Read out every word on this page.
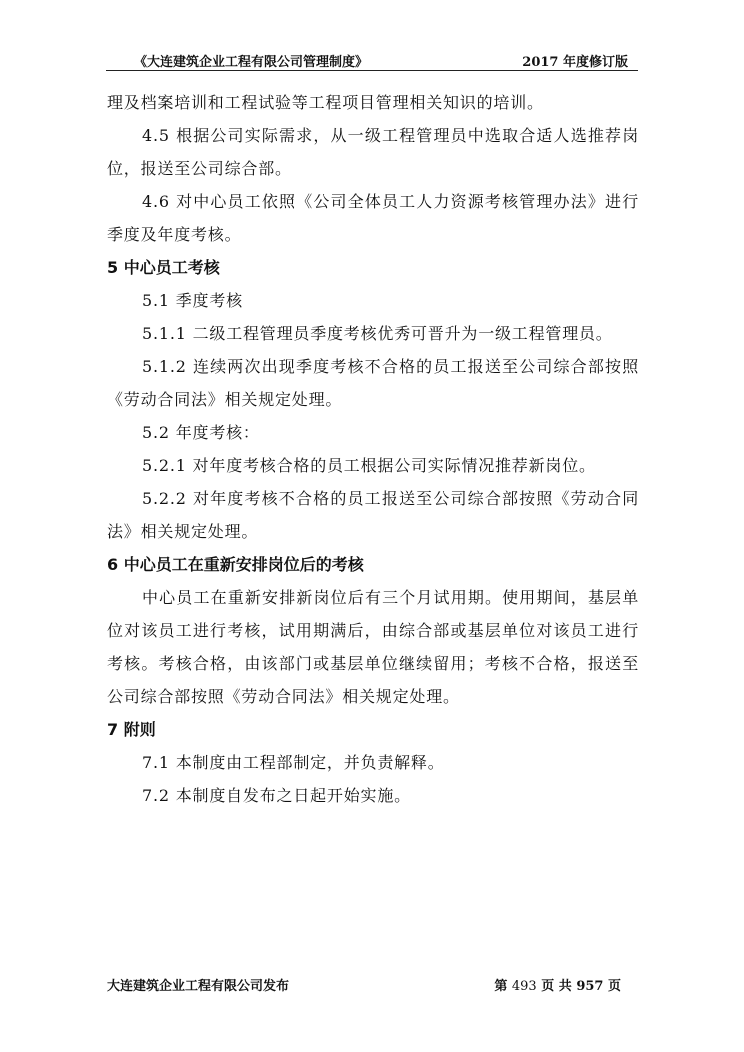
《大连建筑企业工程有限公司管理制度》	2017 年度修订版

理及档案培训和工程试验等工程项目管理相关知识的培训。

4.5 根据公司实际需求，从一级工程管理员中选取合适人选推荐岗位，报送至公司综合部。

4.6 对中心员工依照《公司全体员工人力资源考核管理办法》进行季度及年度考核。

5 中心员工考核

5.1 季度考核

5.1.1 二级工程管理员季度考核优秀可晋升为一级工程管理员。

5.1.2 连续两次出现季度考核不合格的员工报送至公司综合部按照《劳动合同法》相关规定处理。

5.2 年度考核：

5.2.1 对年度考核合格的员工根据公司实际情况推荐新岗位。

5.2.2 对年度考核不合格的员工报送至公司综合部按照《劳动合同法》相关规定处理。

6 中心员工在重新安排岗位后的考核

中心员工在重新安排新岗位后有三个月试用期。使用期间，基层单位对该员工进行考核，试用期满后，由综合部或基层单位对该员工进行考核。考核合格，由该部门或基层单位继续留用；考核不合格，报送至公司综合部按照《劳动合同法》相关规定处理。

7 附则

7.1 本制度由工程部制定，并负责解释。

7.2 本制度自发布之日起开始实施。

大连建筑企业工程有限公司发布	第 493 页 共 957 页
